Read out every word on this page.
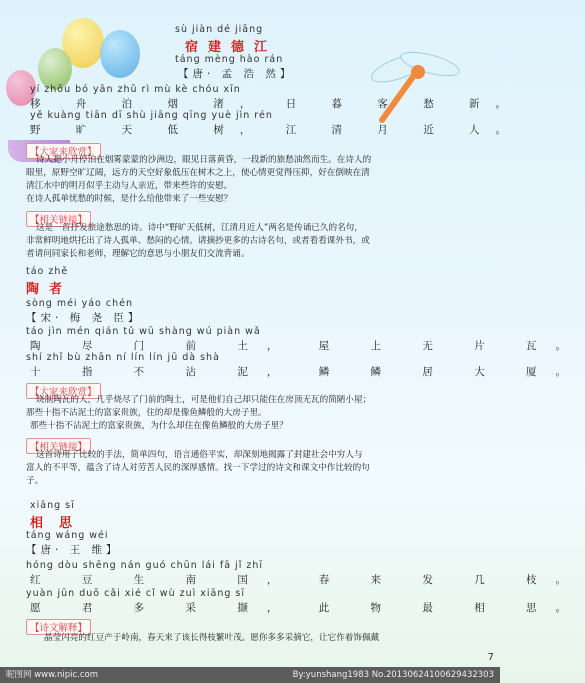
sù jiàn dé jiāng
宿建德江
táng mèng hào rán
【唐· 孟 浩 然】
yí zhōu bó yān zhǔ rì mù kè chóu xīn
移 舟 泊 烟 渚， 日 暮 客 愁 新。
yě kuàng tiān dī shù jiāng qīng yuè jìn rén
野 旷 天 低 树， 江 清 月 近 人。
【大家来欣赏】
诗人把小舟停泊在烟雾蒙蒙的沙洲边，眼见日落黄昏，一段新的旅愁油然而生。在诗人的
眼里，原野空旷辽阔，远方的天空好象低压在树木之上，使心情更觉得压抑，好在倒映在清
清江水中的明月似乎主动与人亲近，带来些许的安慰。
在诗人孤单忧愁的时候，是什么给他带来了一些安慰？
【相关链接】
这是一首抒发旅途愁思的诗。诗中“野旷天低树，江清月近人”两名是传诵已久的名句，
非常鲜明地烘托出了诗人孤单、愁闷的心情。请摘抄更多的古诗名句，或者看看课外书，或
者请问同家长和老师，理解它的意思与小朋友们交流背诵。
táo zhě
陶者
sòng méi yáo chén
【宋· 梅 尧 臣】
táo jìn mén qián tǔ wū shàng wú piàn wǎ
陶 尽 门 前 土， 屋 上 无 片 瓦。
shí zhǐ bù zhān ní lín lín jū dà shà
十 指 不 沾 泥， 鳞 鳞 居 大 厦。
【大家来欣赏】
烧制陶瓦的人，几乎烧尽了门前的陶土，可是他们自己却只能住在房顶无瓦的简陋小屋；
那些十指不沾泥土的富家贵族，住的却是像鱼鳞般的大房子里。
那些十指不沾泥土的富家贵族，为什么却住在像鱼鳞般的大房子里？
【相关链接】
这首诗用了比较的手法，简单四句，语言通俗平实，却深刻地揭露了封建社会中穷人与
富人的不平等，蕴含了诗人对劳苦人民的深厚感情。找一下学过的诗文和课文中作比较的句
子。
xiāng sī
相思
táng wáng wéi
【唐· 王 维】
hóng dòu shēng nán guó chūn lái fā jǐ zhī
红 豆 生 南 国， 春 来 发 几 枝。
yuàn jūn duō cǎi xié cǐ wù zuì xiāng sī
愿 君 多 采 撷， 此 物 最 相 思。
【诗文解释】
晶莹闪亮的红豆产于岭南，春天来了该长得枝繁叶茂。愿你多多采摘它，让它作着饰佩戴
7
昵图网 www.nipic.com	By:yunshang1983 No.20130624100629432303
